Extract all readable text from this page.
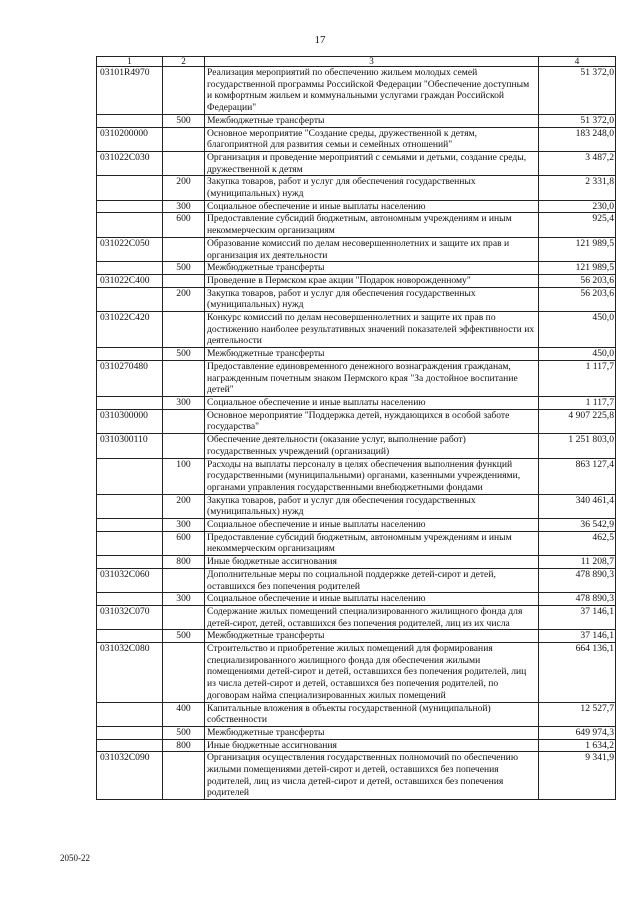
17
1	2	3	4
03101R4970		Реализация мероприятий по обеспечению жильем молодых семей государственной программы Российской Федерации "Обеспечение доступным и комфортным жильем и коммунальными услугами граждан Российской Федерации"	51 372,0
	500	Межбюджетные трансферты	51 372,0
0310200000		Основное мероприятие "Создание среды, дружественной к детям, благоприятной для развития семьи и семейных отношений"	183 248,0
031022С030		Организация и проведение мероприятий с семьями и детьми, создание среды, дружественной к детям	3 487,2
	200	Закупка товаров, работ и услуг для обеспечения государственных (муниципальных) нужд	2 331,8
	300	Социальное обеспечение и иные выплаты населению	230,0
	600	Предоставление субсидий бюджетным, автономным учреждениям и иным некоммерческим организациям	925,4
031022С050		Образование комиссий по делам несовершеннолетних и защите их прав и организация их деятельности	121 989,5
	500	Межбюджетные трансферты	121 989,5
031022С400		Проведение в Пермском крае акции "Подарок новорожденному"	56 203,6
	200	Закупка товаров, работ и услуг для обеспечения государственных (муниципальных) нужд	56 203,6
031022С420		Конкурс комиссий по делам несовершеннолетних и защите их прав по достижению наиболее результативных значений показателей эффективности их деятельности	450,0
	500	Межбюджетные трансферты	450,0
0310270480		Предоставление единовременного денежного вознаграждения гражданам, награжденным почетным знаком Пермского края "За достойное воспитание детей"	1 117,7
	300	Социальное обеспечение и иные выплаты населению	1 117,7
0310300000		Основное мероприятие "Поддержка детей, нуждающихся в особой заботе государства"	4 907 225,8
0310300110		Обеспечение деятельности (оказание услуг, выполнение работ) государственных учреждений (организаций)	1 251 803,0
	100	Расходы на выплаты персоналу в целях обеспечения выполнения функций государственными (муниципальными) органами, казенными учреждениями, органами управления государственными внебюджетными фондами	863 127,4
	200	Закупка товаров, работ и услуг для обеспечения государственных (муниципальных) нужд	340 461,4
	300	Социальное обеспечение и иные выплаты населению	36 542,9
	600	Предоставление субсидий бюджетным, автономным учреждениям и иным некоммерческим организациям	462,5
	800	Иные бюджетные ассигнования	11 208,7
031032С060		Дополнительные меры по социальной поддержке детей-сирот и детей, оставшихся без попечения родителей	478 890,3
	300	Социальное обеспечение и иные выплаты населению	478 890,3
031032С070		Содержание жилых помещений специализированного жилищного фонда для детей-сирот, детей, оставшихся без попечения родителей, лиц из их числа	37 146,1
	500	Межбюджетные трансферты	37 146,1
031032С080		Строительство и приобретение жилых помещений для формирования специализированного жилищного фонда для обеспечения жилыми помещениями детей-сирот и детей, оставшихся без попечения родителей, лиц из числа детей-сирот и детей, оставшихся без попечения родителей, по договорам найма специализированных жилых помещений	664 136,1
	400	Капитальные вложения в объекты государственной (муниципальной) собственности	12 527,7
	500	Межбюджетные трансферты	649 974,3
	800	Иные бюджетные ассигнования	1 634,2
031032С090		Организация осуществления государственных полномочий по обеспечению жилыми помещениями детей-сирот и детей, оставшихся без попечения родителей, лиц из числа детей-сирот и детей, оставшихся без попечения родителей	9 341,9
2050-22
